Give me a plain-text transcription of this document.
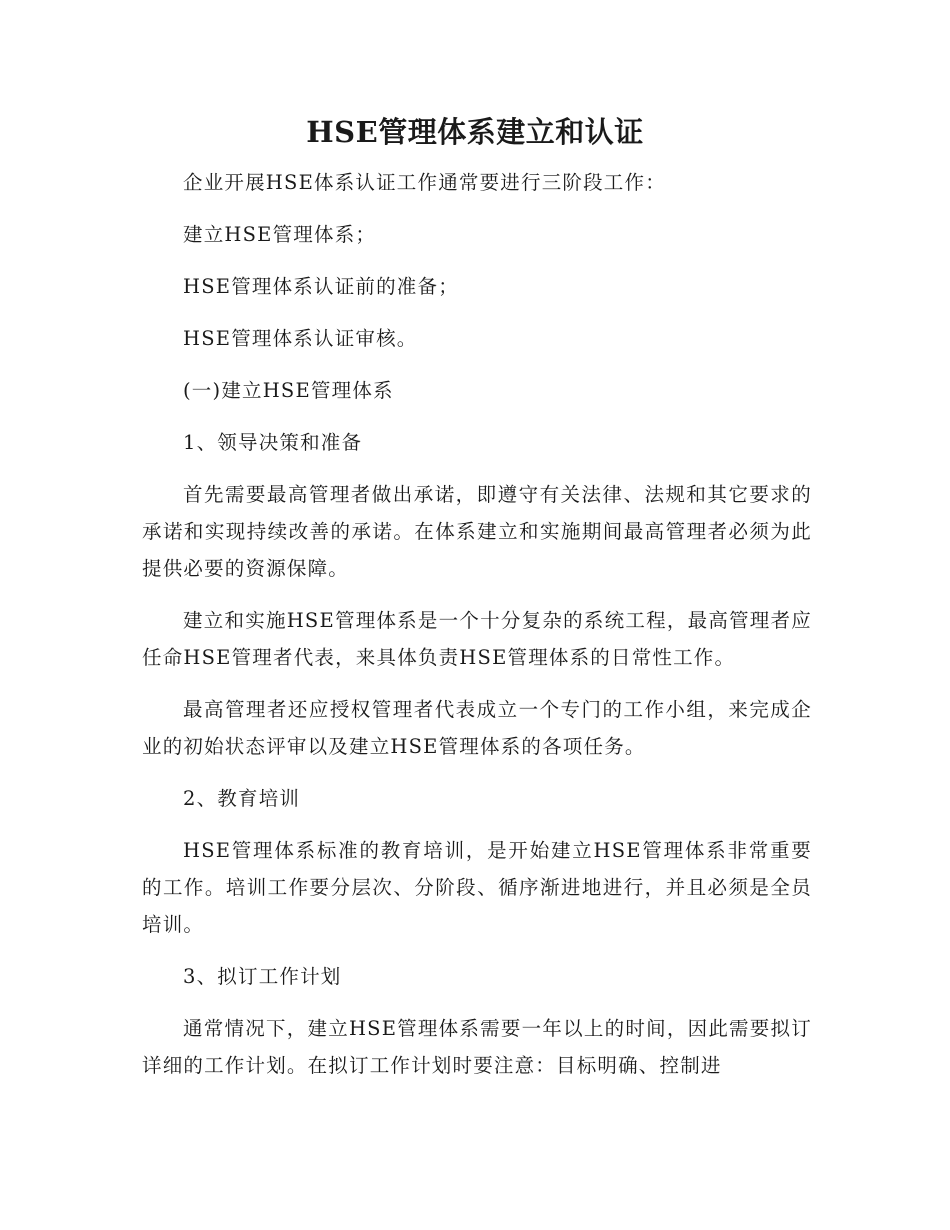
HSE管理体系建立和认证

企业开展HSE体系认证工作通常要进行三阶段工作：

建立HSE管理体系；

HSE管理体系认证前的准备；

HSE管理体系认证审核。

(一)建立HSE管理体系

1、领导决策和准备

首先需要最高管理者做出承诺，即遵守有关法律、法规和其它要求的承诺和实现持续改善的承诺。在体系建立和实施期间最高管理者必须为此提供必要的资源保障。

建立和实施HSE管理体系是一个十分复杂的系统工程，最高管理者应任命HSE管理者代表，来具体负责HSE管理体系的日常性工作。

最高管理者还应授权管理者代表成立一个专门的工作小组，来完成企业的初始状态评审以及建立HSE管理体系的各项任务。

2、教育培训

HSE管理体系标准的教育培训，是开始建立HSE管理体系非常重要的工作。培训工作要分层次、分阶段、循序渐进地进行，并且必须是全员培训。

3、拟订工作计划

通常情况下，建立HSE管理体系需要一年以上的时间，因此需要拟订详细的工作计划。在拟订工作计划时要注意：目标明确、控制进
